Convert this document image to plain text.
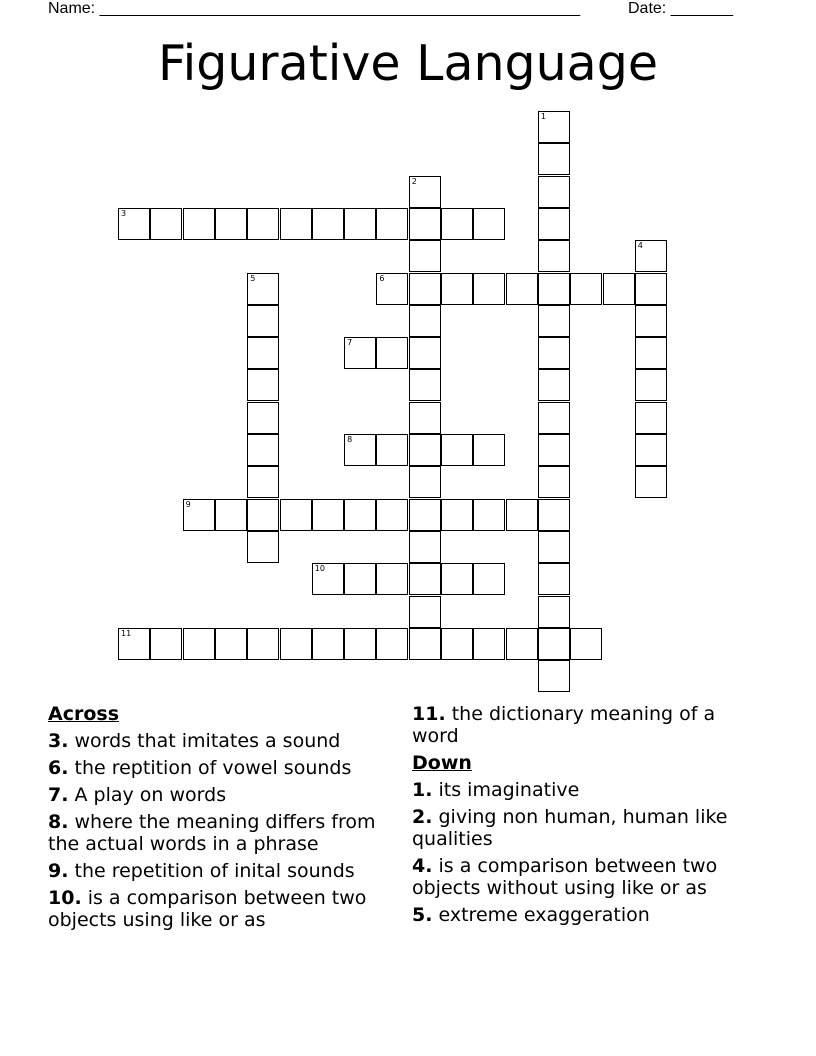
Name: ______________________________________________________	Date: _______
Figurative Language
1
2
3
4
5	6
7
8
9
10
11
Across
3. words that imitates a sound
6. the reptition of vowel sounds
7. A play on words
8. where the meaning differs from the actual words in a phrase
9. the repetition of inital sounds
10. is a comparison between two objects using like or as
11. the dictionary meaning of a word
Down
1. its imaginative
2. giving non human, human like qualities
4. is a comparison between two objects without using like or as
5. extreme exaggeration
